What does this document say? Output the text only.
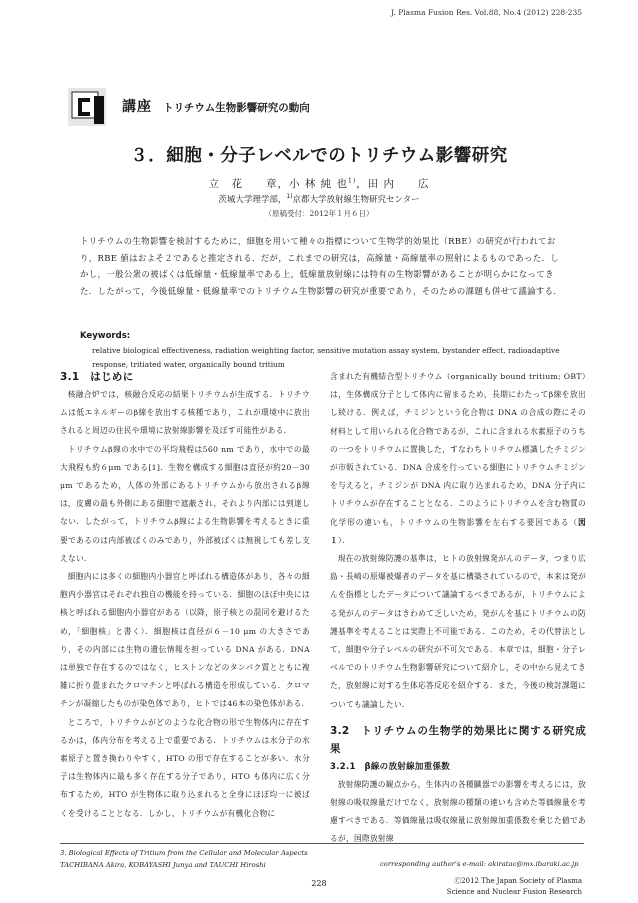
J. Plasma Fusion Res. Vol.88, No.4 (2012) 228‐235
講座 トリチウム生物影響研究の動向
３．細胞・分子レベルでのトリチウム影響研究
立　花　　章，小 林 純 也$^{1)}$，田 内　　広
茨城大学理学部，$^{1)}$京都大学放射線生物研究センター
（原稿受付：2012年１月６日）
トリチウムの生物影響を検討するために，細胞を用いて種々の指標について生物学的効果比（RBE）の研究が行われており，RBE 値はおよそ２であると推定される．だが，これまでの研究は，高線量・高線量率の照射によるものであった．しかし，一般公衆の被ばくは低線量・低線量率である上，低線量放射線には特有の生物影響があることが明らかになってきた．したがって，今後低線量・低線量率でのトリチウム生物影響の研究が重要であり，そのための課題も併せて議論する．
Keywords:
relative biological effectiveness, radiation weighting factor, sensitive mutation assay system, bystander effect, radioadaptive response, tritiated water, organically bound tritium
3.1　はじめに

核融合炉では，核融合反応の結果トリチウムが生成する．トリチウムは低エネルギーのβ線を放出する核種であり，これが環境中に放出されると周辺の住民や環境に放射線影響を及ぼす可能性がある．

トリチウムβ線の水中での平均飛程は560 nm であり，水中での最大飛程も約６μm である[1]．生物を構成する細胞は直径が約20－30 μm であるため，人体の外部にあるトリチウムから放出されるβ線は，皮膚の最も外側にある細胞で遮蔽され，それより内部には到達しない．したがって，トリチウムβ線による生物影響を考えるときに重要であるのは内部被ばくのみであり，外部被ばくは無視しても差し支えない．

細胞内には多くの細胞内小器官と呼ばれる構造体があり，各々の細胞内小器官はそれぞれ独自の機能を持っている．細胞のほぼ中央には核と呼ばれる細胞内小器官がある（以降，原子核との混同を避けるため，「細胞核」と書く）．細胞核は直径が６－10 μm の大きさであり，その内部には生物の遺伝情報を担っている DNA がある．DNA は単独で存在するのではなく，ヒストンなどのタンパク質とともに複雑に折り畳まれたクロマチンと呼ばれる構造を形成している．クロマチンが凝縮したものが染色体であり，ヒトでは46本の染色体がある．

ところで，トリチウムがどのような化合物の形で生物体内に存在するかは，体内分布を考える上で重要である．トリチウムは水分子の水素原子と置き換わりやすく，HTO の形で存在することが多い．水分子は生物体内に最も多く存在する分子であり，HTO も体内に広く分布するため，HTO が生物体に取り込まれると全身にほぼ均一に被ばくを受けることとなる．しかし，トリチウムが有機化合物に

含まれた有機結合型トリチウム（organically bound tritium; OBT）は，生体構成分子として体内に留まるため，長期にわたってβ線を放出し続ける．例えば，チミジンという化合物は DNA の合成の際にその材料として用いられる化合物であるが，これに含まれる水素原子のうちの一つをトリチウムに置換した，すなわちトリチウム標識したチミジンが市販されている．DNA 合成を行っている細胞にトリチウムチミジンを与えると，チミジンが DNA 内に取り込まれるため，DNA 分子内にトリチウムが存在することとなる．このようにトリチウムを含む物質の化学形の違いも，トリチウムの生物影響を左右する要因である（図１）．

現在の放射線防護の基準は，ヒトの放射線発がんのデータ，つまり広島・長崎の原爆被爆者のデータを基に構築されているので，本来は発がんを指標としたデータについて議論するべきであるが，トリチウムによる発がんのデータはきわめて乏しいため，発がんを基にトリチウムの防護基準を考えることは実際上不可能である．このため，その代替法として，細胞や分子レベルの研究が不可欠である．本章では，細胞・分子レベルでのトリチウム生物影響研究について紹介し，その中から見えてきた，放射線に対する生体応答反応を紹介する．また，今後の検討課題についても議論したい．

3.2　トリチウムの生物学的効果比に関する研究成果
3.2.1　β線の放射線加重係数

放射線防護の観点から，生体内の各種臓器での影響を考えるには，放射線の吸収線量だけでなく，放射線の種類の違いも含めた等価線量を考慮すべきである．等価線量は吸収線量に放射線加重係数を乗じた値であるが，国際放射線

3. Biological Effects of Tritium from the Cellular and Molecular Aspects
TACHIBANA Akira, KOBAYASHI Junya and TAUCHI Hiroshi	corresponding author's e-mail: akiratac@mx.ibaraki.ac.jp
228	Ⓒ2012 The Japan Society of Plasma
Science and Nuclear Fusion Research
